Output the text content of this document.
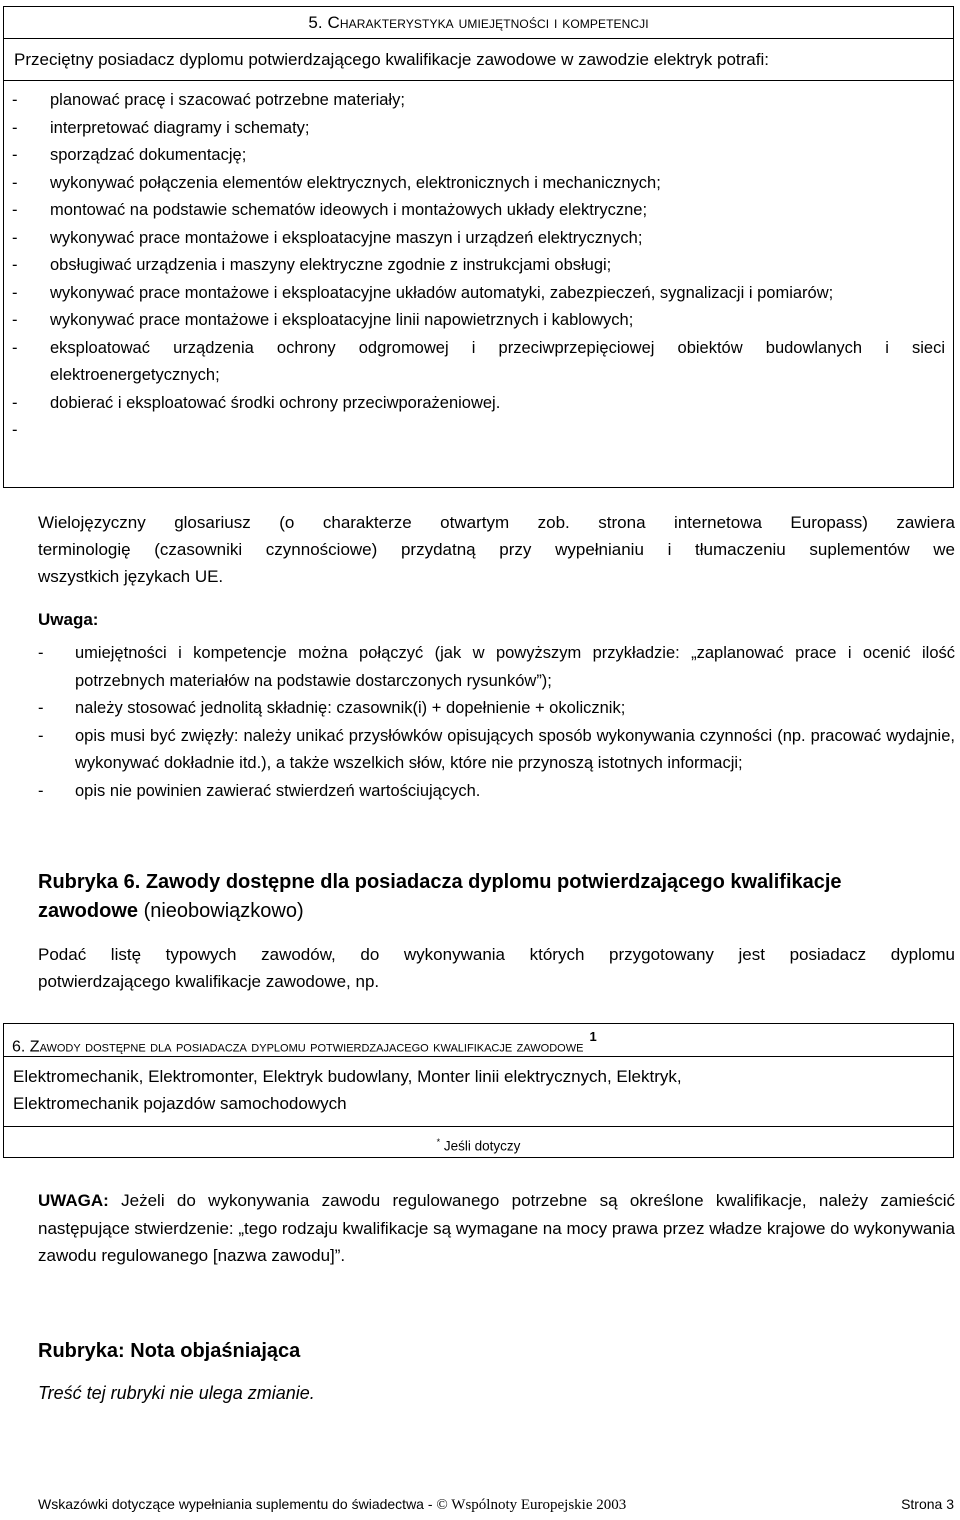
5. Charakterystyka umiejętności i kompetencji
Przeciętny posiadacz dyplomu potwierdzającego kwalifikacje zawodowe w zawodzie elektryk potrafi:
- planować pracę i szacować potrzebne materiały;
- interpretować diagramy i schematy;
- sporządzać dokumentację;
- wykonywać połączenia elementów elektrycznych, elektronicznych i mechanicznych;
- montować na podstawie schematów ideowych i montażowych układy elektryczne;
- wykonywać prace montażowe i eksploatacyjne maszyn i urządzeń elektrycznych;
- obsługiwać urządzenia i maszyny elektryczne zgodnie z instrukcjami obsługi;
- wykonywać prace montażowe i eksploatacyjne układów automatyki, zabezpieczeń, sygnalizacji i pomiarów;
- wykonywać prace montażowe i eksploatacyjne linii napowietrznych i kablowych;
- eksploatować urządzenia ochrony odgromowej i przeciwprzepięciowej obiektów budowlanych i sieci elektroenergetycznych;
- dobierać i eksploatować środki ochrony przeciwporażeniowej.
-
Wielojęzyczny glosariusz (o charakterze otwartym zob. strona internetowa Europass) zawiera
terminologię (czasowniki czynnościowe) przydatną przy wypełnianiu i tłumaczeniu suplementów we
wszystkich językach UE.
Uwaga:
- umiejętności i kompetencje można połączyć (jak w powyższym przykładzie: „zaplanować prace i ocenić ilość potrzebnych materiałów na podstawie dostarczonych rysunków”);
- należy stosować jednolitą składnię: czasownik(i) + dopełnienie + okolicznik;
- opis musi być zwięzły: należy unikać przysłówków opisujących sposób wykonywania czynności (np. pracować wydajnie, wykonywać dokładnie itd.), a także wszelkich słów, które nie przynoszą istotnych informacji;
- opis nie powinien zawierać stwierdzeń wartościujących.
Rubryka 6. Zawody dostępne dla posiadacza dyplomu potwierdzającego kwalifikacje zawodowe (nieobowiązkowo)
Podać listę typowych zawodów, do wykonywania których przygotowany jest posiadacz dyplomu
potwierdzającego kwalifikacje zawodowe, np.
6. Zawody dostępne dla posiadacza dyplomu potwierdzajacego kwalifikacje zawodowe$^1$
Elektromechanik, Elektromonter, Elektryk budowlany, Monter linii elektrycznych, Elektryk,
Elektromechanik pojazdów samochodowych
* Jeśli dotyczy
UWAGA: Jeżeli do wykonywania zawodu regulowanego potrzebne są określone kwalifikacje, należy zamieścić następujące stwierdzenie: „tego rodzaju kwalifikacje są wymagane na mocy prawa przez władze krajowe do wykonywania zawodu regulowanego [nazwa zawodu]”.
Rubryka: Nota objaśniająca
Treść tej rubryki nie ulega zmianie.
Wskazówki dotyczące wypełniania suplementu do świadectwa - © Wspólnoty Europejskie 2003	Strona 3
